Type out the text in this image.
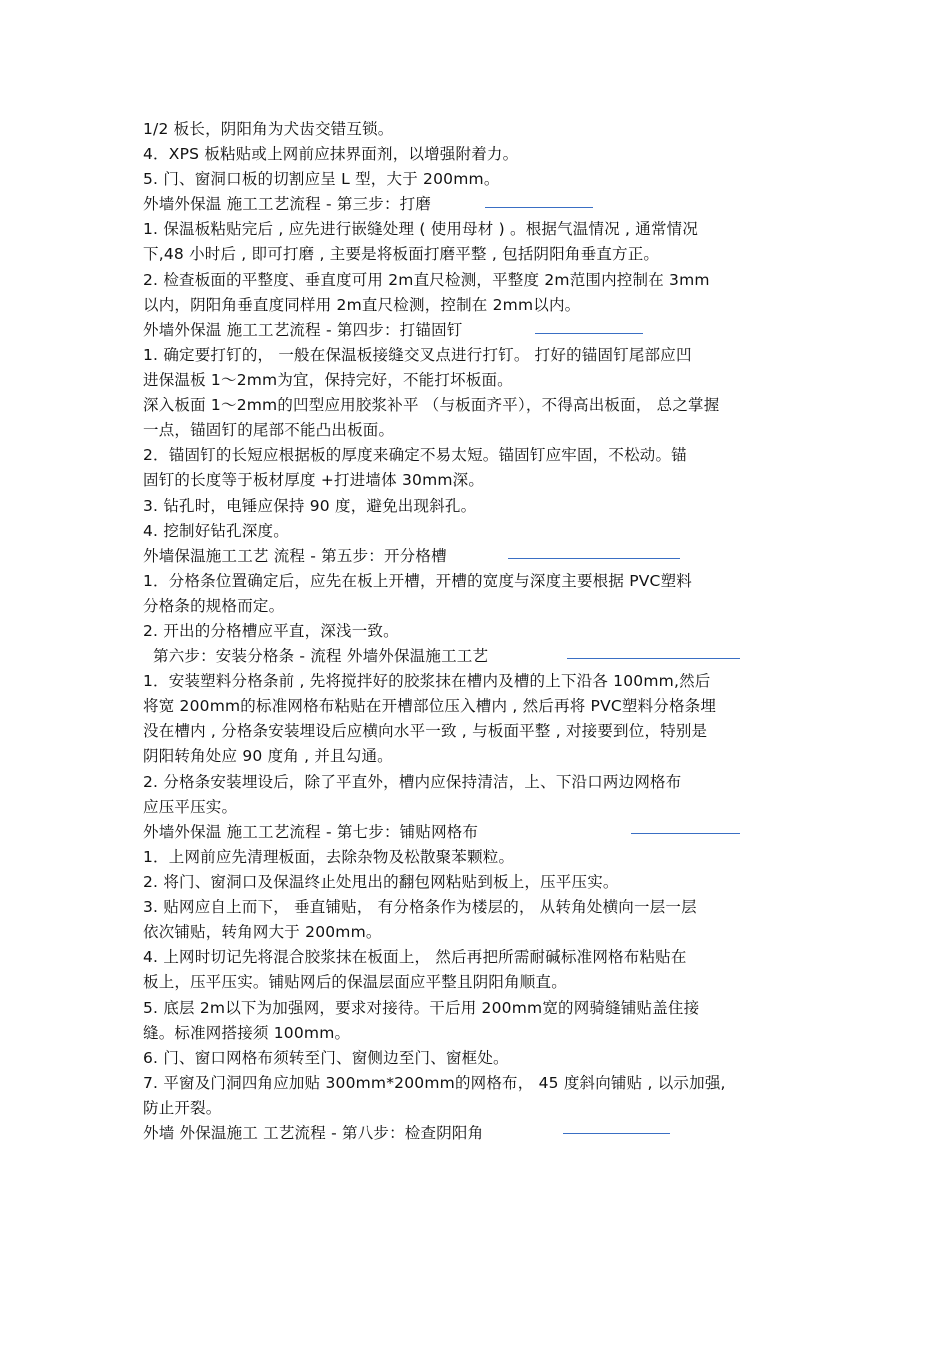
1/2 板长，阴阳角为犬齿交错互锁。
4．XPS 板粘贴或上网前应抹界面剂，以增强附着力。
5. 门、窗洞口板的切割应呈 L 型，大于 200mm。
外墙外保温 施工工艺流程 - 第三步：打磨
1. 保温板粘贴完后 , 应先进行嵌缝处理 ( 使用母材 ) 。根据气温情况 , 通常情况
下,48 小时后 , 即可打磨 , 主要是将板面打磨平整 , 包括阴阳角垂直方正。
2. 检查板面的平整度、垂直度可用 2m直尺检测，平整度 2m范围内控制在 3mm
以内，阴阳角垂直度同样用 2m直尺检测，控制在 2mm以内。
外墙外保温 施工工艺流程 - 第四步：打锚固钉
1. 确定要打钉的， 一般在保温板接缝交叉点进行打钉。 打好的锚固钉尾部应凹
进保温板 1～2mm为宜，保持完好，不能打坏板面。
深入板面 1～2mm的凹型应用胶浆补平 （与板面齐平），不得高出板面， 总之掌握
一点，锚固钉的尾部不能凸出板面。
2．锚固钉的长短应根据板的厚度来确定不易太短。锚固钉应牢固，不松动。锚
固钉的长度等于板材厚度 +打进墙体 30mm深。
3. 钻孔时，电锤应保持 90 度，避免出现斜孔。
4. 挖制好钻孔深度。
外墙保温施工工艺 流程 - 第五步：开分格槽
1．分格条位置确定后，应先在板上开槽，开槽的宽度与深度主要根据 PVC塑料
分格条的规格而定。
2. 开出的分格槽应平直，深浅一致。
第六步：安装分格条 - 流程 外墙外保温施工工艺
1．安装塑料分格条前 , 先将搅拌好的胶浆抹在槽内及槽的上下沿各 100mm,然后
将宽 200mm的标准网格布粘贴在开槽部位压入槽内 , 然后再将 PVC塑料分格条埋
没在槽内 , 分格条安装埋设后应横向水平一致 , 与板面平整 , 对接要到位，特别是
阴阳转角处应 90 度角 , 并且勾通。
2. 分格条安装埋设后，除了平直外，槽内应保持清洁，上、下沿口两边网格布
应压平压实。
外墙外保温 施工工艺流程 - 第七步：铺贴网格布
1．上网前应先清理板面，去除杂物及松散聚苯颗粒。
2. 将门、窗洞口及保温终止处甩出的翻包网粘贴到板上，压平压实。
3. 贴网应自上而下， 垂直铺贴， 有分格条作为楼层的， 从转角处横向一层一层
依次铺贴，转角网大于 200mm。
4. 上网时切记先将混合胶浆抹在板面上， 然后再把所需耐碱标准网格布粘贴在
板上，压平压实。铺贴网后的保温层面应平整且阴阳角顺直。
5. 底层 2m以下为加强网，要求对接待。干后用 200mm宽的网骑缝铺贴盖住接
缝。标准网搭接须 100mm。
6. 门、窗口网格布须转至门、窗侧边至门、窗框处。
7. 平窗及门洞四角应加贴 300mm*200mm的网格布， 45 度斜向铺贴 , 以示加强,
防止开裂。
外墙 外保温施工 工艺流程 - 第八步：检查阴阳角
